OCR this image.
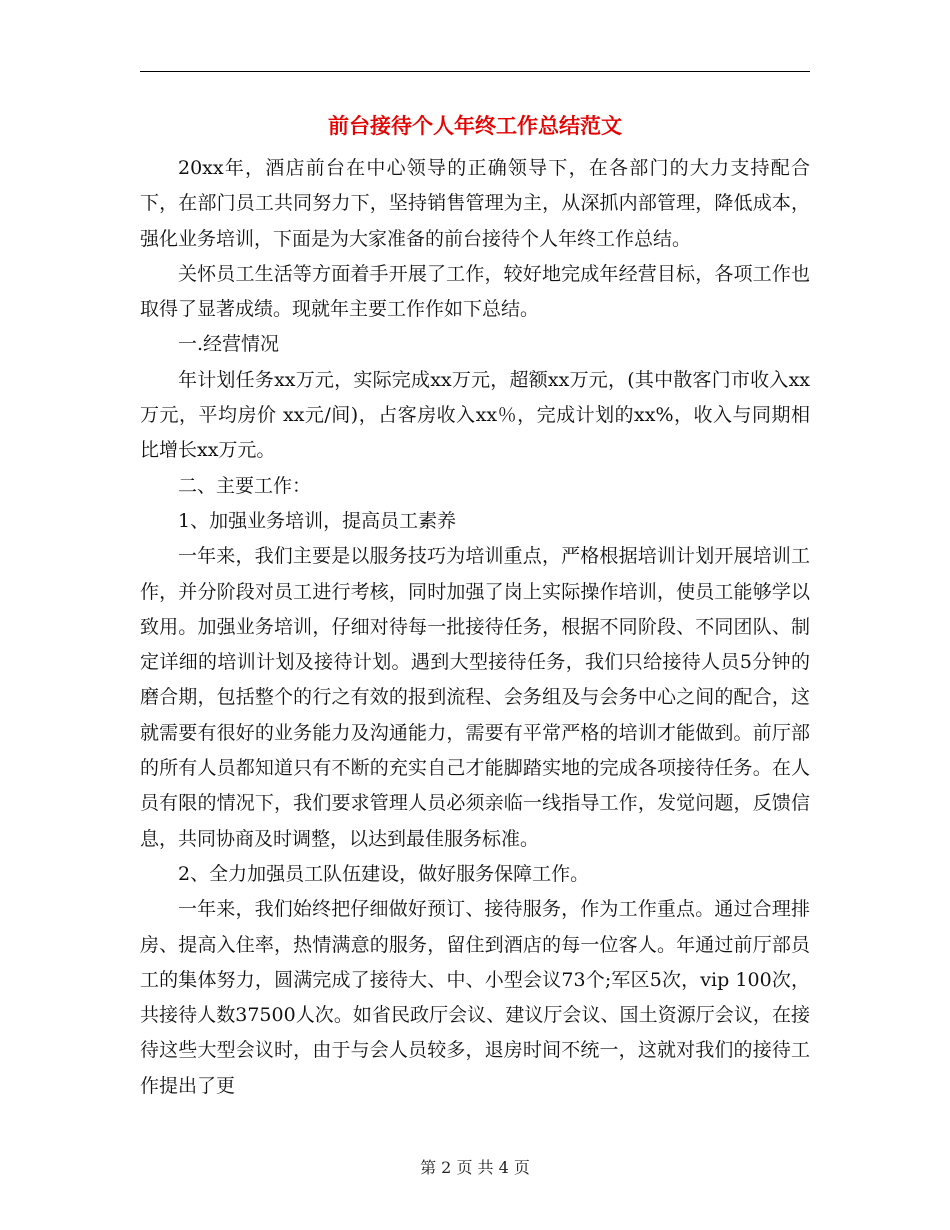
前台接待个人年终工作总结范文

20xx年，酒店前台在中心领导的正确领导下，在各部门的大力支持配合下，在部门员工共同努力下，坚持销售管理为主，从深抓内部管理，降低成本，强化业务培训，下面是为大家准备的前台接待个人年终工作总结。

关怀员工生活等方面着手开展了工作，较好地完成年经营目标，各项工作也取得了显著成绩。现就年主要工作作如下总结。

一.经营情况

年计划任务xx万元，实际完成xx万元，超额xx万元，(其中散客门市收入xx万元，平均房价 xx元/间)，占客房收入xx％，完成计划的xx%，收入与同期相比增长xx万元。

二、主要工作：

1、加强业务培训，提高员工素养

一年来，我们主要是以服务技巧为培训重点，严格根据培训计划开展培训工作，并分阶段对员工进行考核，同时加强了岗上实际操作培训，使员工能够学以致用。加强业务培训，仔细对待每一批接待任务，根据不同阶段、不同团队、制定详细的培训计划及接待计划。遇到大型接待任务，我们只给接待人员5分钟的磨合期，包括整个的行之有效的报到流程、会务组及与会务中心之间的配合，这就需要有很好的业务能力及沟通能力，需要有平常严格的培训才能做到。前厅部的所有人员都知道只有不断的充实自己才能脚踏实地的完成各项接待任务。在人员有限的情况下，我们要求管理人员必须亲临一线指导工作，发觉问题，反馈信息，共同协商及时调整，以达到最佳服务标准。

2、全力加强员工队伍建设，做好服务保障工作。

一年来，我们始终把仔细做好预订、接待服务，作为工作重点。通过合理排房、提高入住率，热情满意的服务，留住到酒店的每一位客人。年通过前厅部员工的集体努力，圆满完成了接待大、中、小型会议73个;军区5次，vip 100次，共接待人数37500人次。如省民政厅会议、建议厅会议、国土资源厅会议，在接待这些大型会议时，由于与会人员较多，退房时间不统一，这就对我们的接待工作提出了更

第 2 页 共 4 页
